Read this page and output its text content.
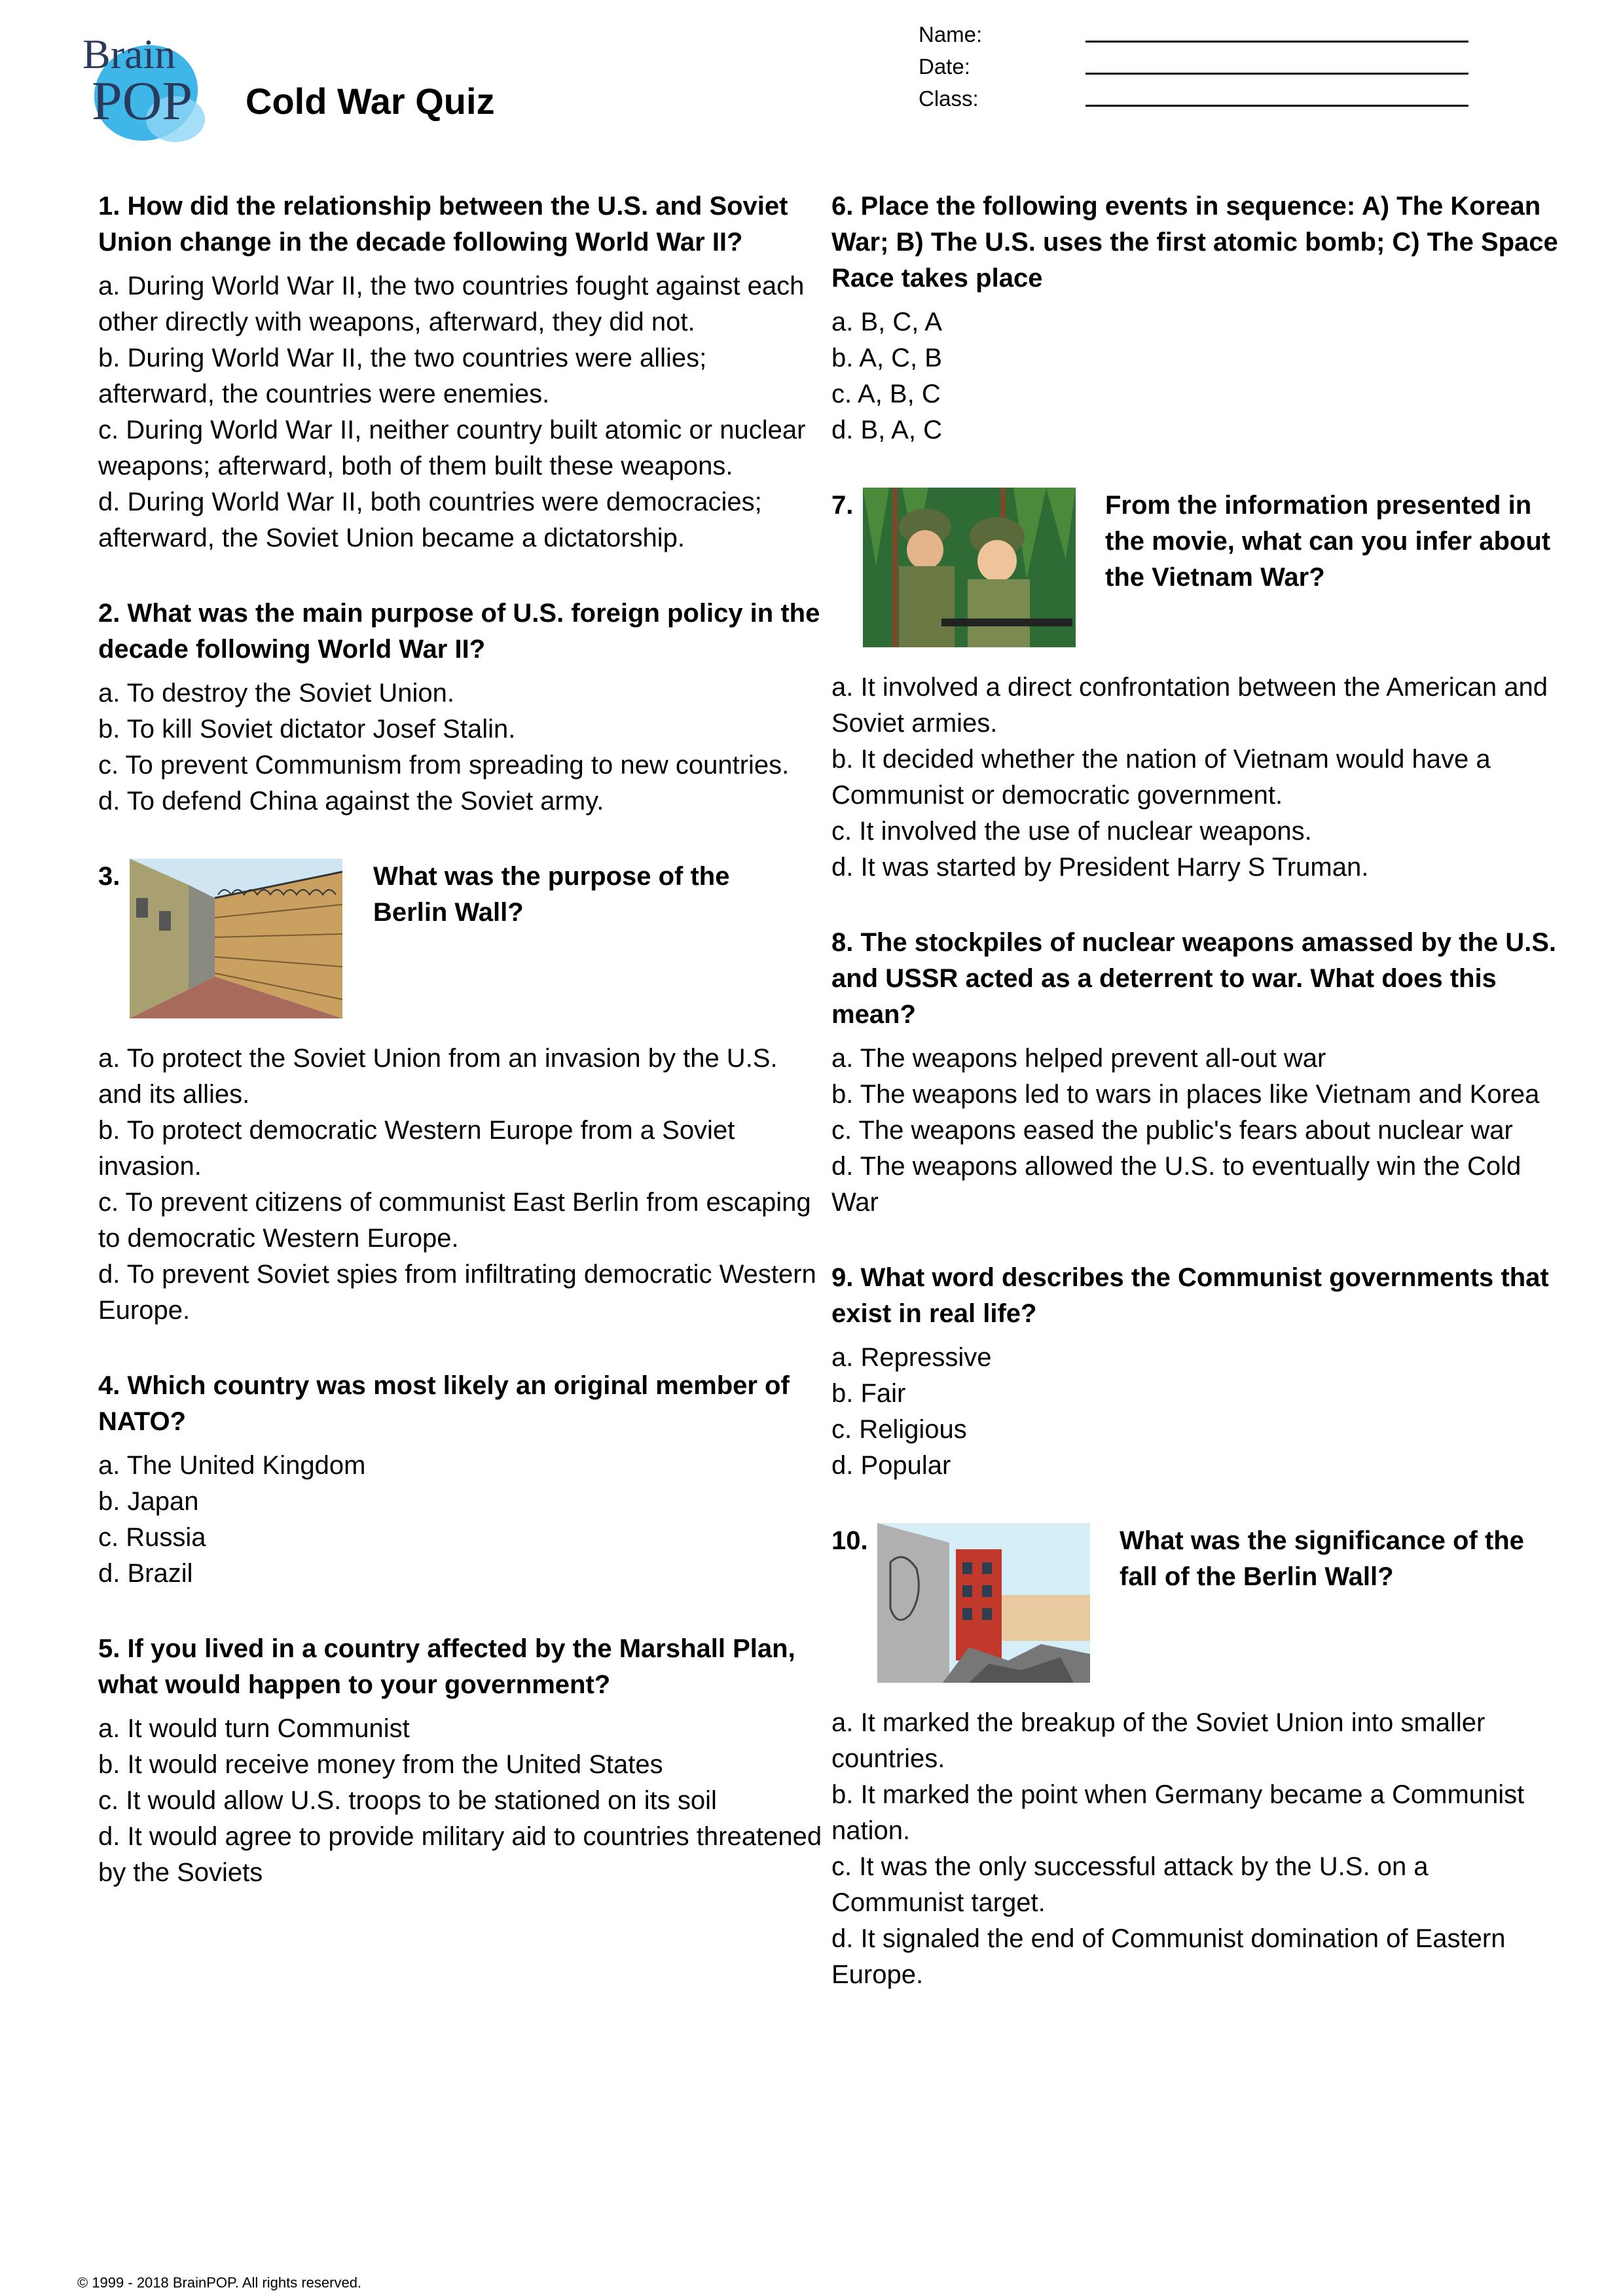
Brain
POP Cold War Quiz
Name:
Date:
Class:

1. How did the relationship between the U.S. and Soviet Union change in the decade following World War II?

a. During World War II, the two countries fought against each other directly with weapons, afterward, they did not.

b. During World War II, the two countries were allies; afterward, the countries were enemies.

c. During World War II, neither country built atomic or nuclear weapons; afterward, both of them built these weapons.

d. During World War II, both countries were democracies; afterward, the Soviet Union became a dictatorship.

2. What was the main purpose of U.S. foreign policy in the decade following World War II?

a. To destroy the Soviet Union.

b. To kill Soviet dictator Josef Stalin.

c. To prevent Communism from spreading to new countries.

d. To defend China against the Soviet army.

3.	What was the purpose of the Berlin Wall?

a. To protect the Soviet Union from an invasion by the U.S. and its allies.

b. To protect democratic Western Europe from a Soviet invasion.

c. To prevent citizens of communist East Berlin from escaping to democratic Western Europe.

d. To prevent Soviet spies from infiltrating democratic Western Europe.

4. Which country was most likely an original member of NATO?

a. The United Kingdom

b. Japan

c. Russia

d. Brazil

5. If you lived in a country affected by the Marshall Plan, what would happen to your government?

a. It would turn Communist

b. It would receive money from the United States

c. It would allow U.S. troops to be stationed on its soil

d. It would agree to provide military aid to countries threatened by the Soviets

6. Place the following events in sequence: A) The Korean War; B) The U.S. uses the first atomic bomb; C) The Space Race takes place

a. B, C, A

b. A, C, B

c. A, B, C

d. B, A, C

7.	From the information presented in the movie, what can you infer about the Vietnam War?

a. It involved a direct confrontation between the American and Soviet armies.

b. It decided whether the nation of Vietnam would have a Communist or democratic government.

c. It involved the use of nuclear weapons.

d. It was started by President Harry S Truman.

8. The stockpiles of nuclear weapons amassed by the U.S. and USSR acted as a deterrent to war. What does this mean?

a. The weapons helped prevent all-out war

b. The weapons led to wars in places like Vietnam and Korea

c. The weapons eased the public's fears about nuclear war

d. The weapons allowed the U.S. to eventually win the Cold War

9. What word describes the Communist governments that exist in real life?

a. Repressive

b. Fair

c. Religious

d. Popular

10.	What was the significance of the fall of the Berlin Wall?

a. It marked the breakup of the Soviet Union into smaller countries.

b. It marked the point when Germany became a Communist nation.

c. It was the only successful attack by the U.S. on a Communist target.

d. It signaled the end of Communist domination of Eastern Europe.

© 1999 - 2018 BrainPOP. All rights reserved.
